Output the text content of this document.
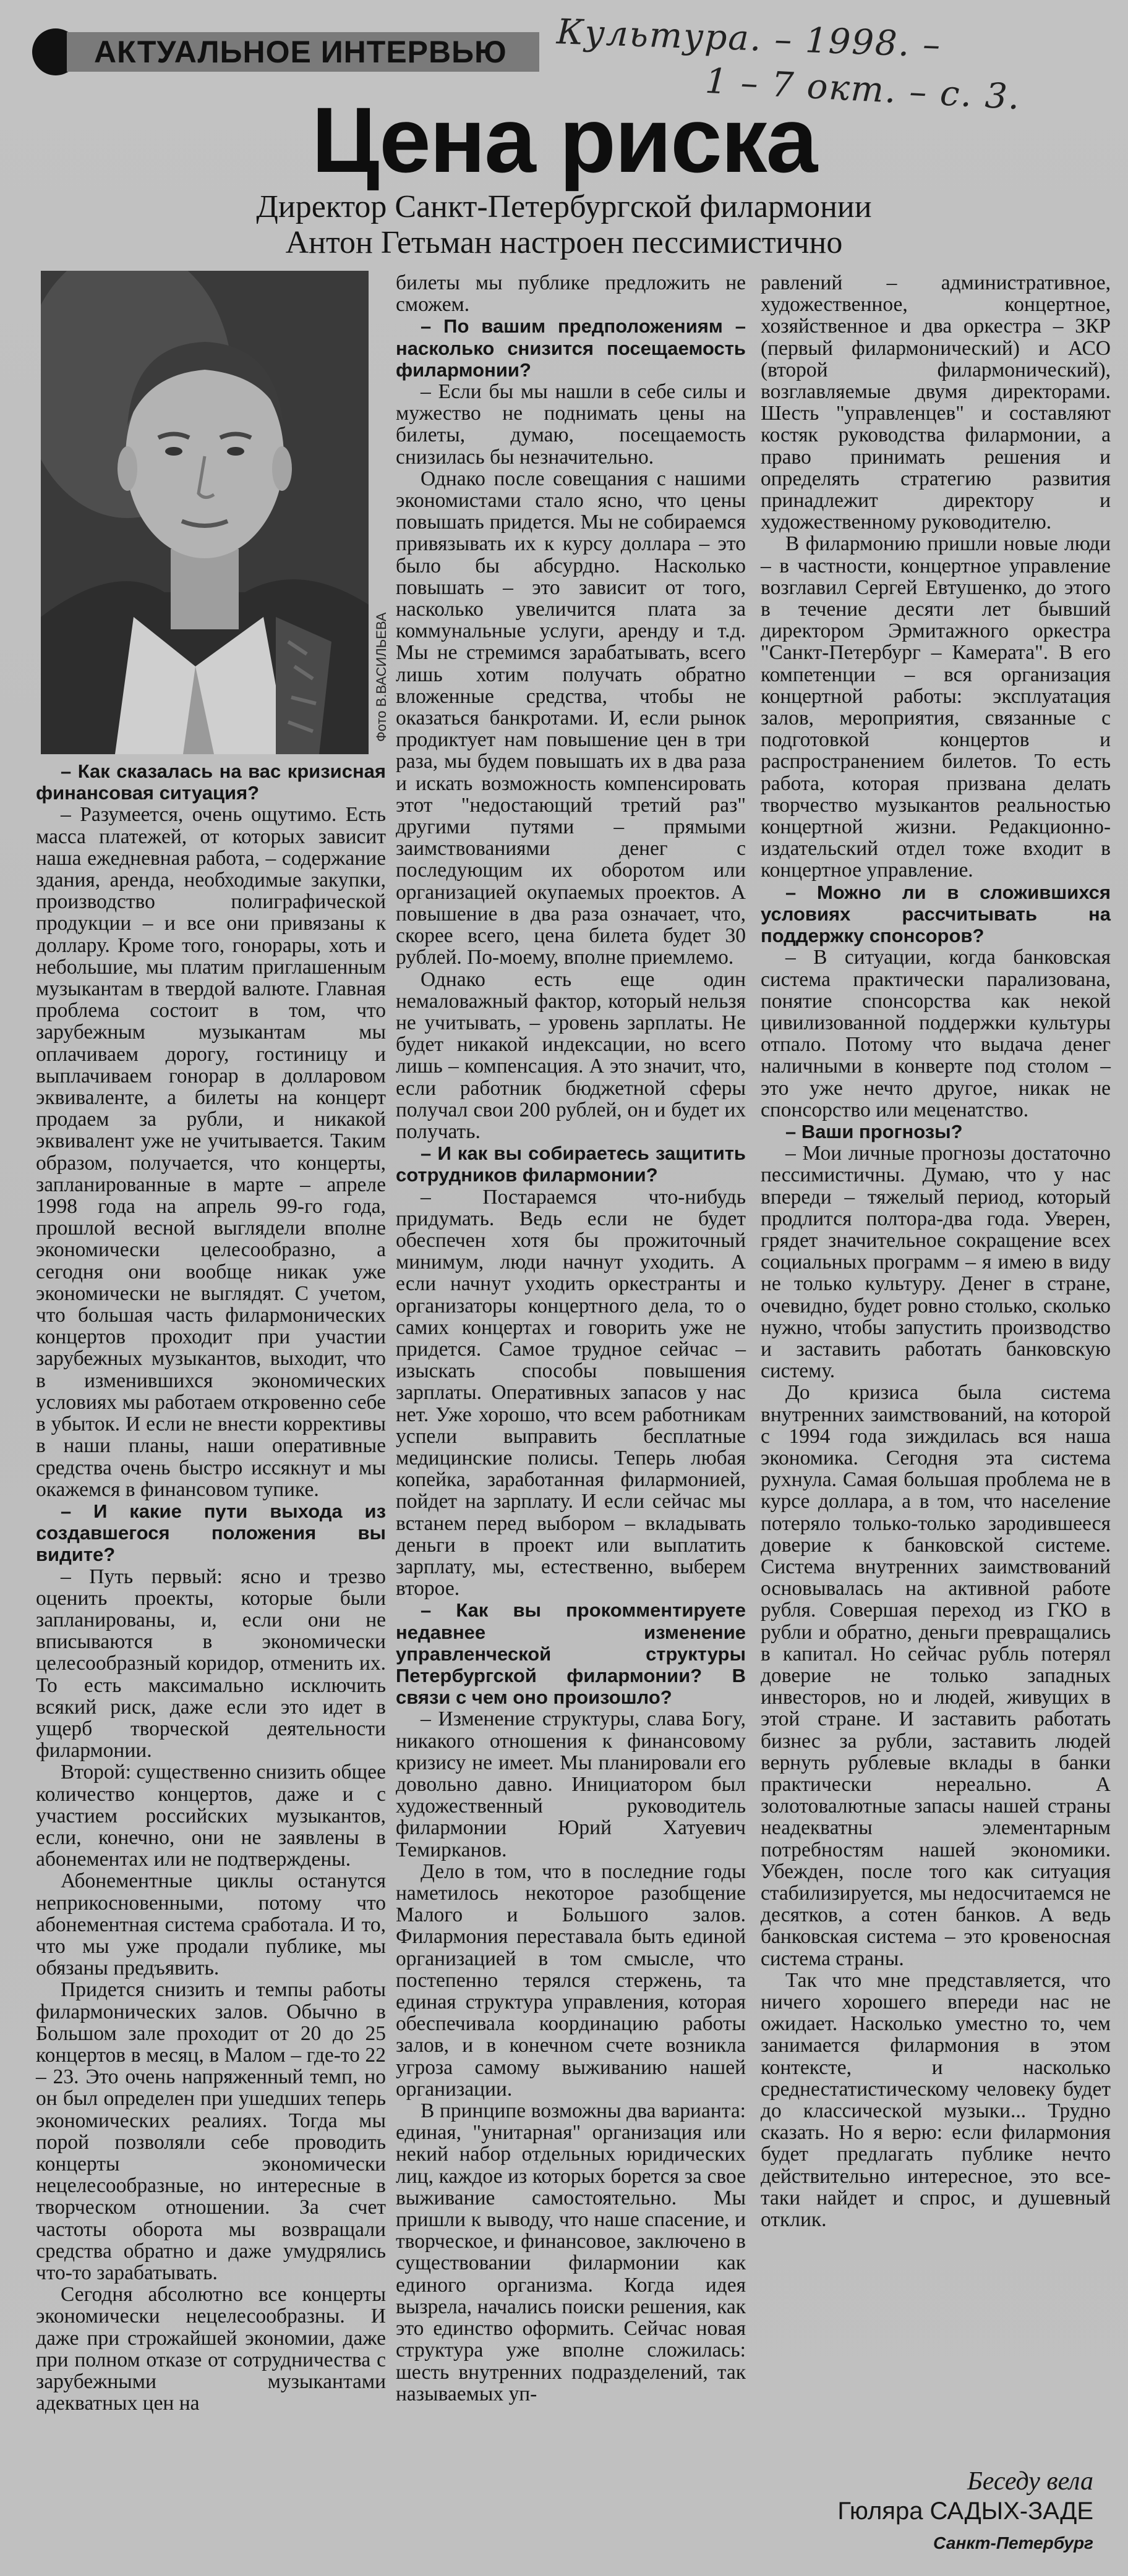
АКТУАЛЬНОЕ ИНТЕРВЬЮ Культура. – 1998. –
1 – 7 окт. – с. 3.
Цена риска
Директор Санкт-Петербургской филармонии
Антон Гетьман настроен пессимистично
Фото В.ВАСИЛЬЕВА

– Как сказалась на вас кризисная финансовая ситуация?

– Разумеется, очень ощутимо. Есть масса платежей, от которых зависит наша ежедневная работа, – содержание здания, аренда, необходимые закупки, производство полиграфической продукции – и все они привязаны к доллару. Кроме того, гонорары, хоть и небольшие, мы платим приглашенным музыкантам в твердой валюте. Главная проблема состоит в том, что зарубежным музыкантам мы оплачиваем дорогу, гостиницу и выплачиваем гонорар в долларовом эквиваленте, а билеты на концерт продаем за рубли, и никакой эквивалент уже не учитывается. Таким образом, получается, что концерты, запланированные в марте – апреле 1998 года на апрель 99-го года, прошлой весной выглядели вполне экономически целесообразно, а сегодня они вообще никак уже экономически не выглядят. С учетом, что большая часть филармонических концертов проходит при участии зарубежных музыкантов, выходит, что в изменившихся экономических условиях мы работаем откровенно себе в убыток. И если не внести коррективы в наши планы, наши оперативные средства очень быстро иссякнут и мы окажемся в финансовом тупике.

– И какие пути выхода из создавшегося положения вы видите?

– Путь первый: ясно и трезво оценить проекты, которые были запланированы, и, если они не вписываются в экономически целесообразный коридор, отменить их. То есть максимально исключить всякий риск, даже если это идет в ущерб творческой деятельности филармонии.

Второй: существенно снизить общее количество концертов, даже и с участием российских музыкантов, если, конечно, они не заявлены в абонементах или не подтверждены.

Абонементные циклы останутся неприкосновенными, потому что абонементная система сработала. И то, что мы уже продали публике, мы обязаны предъявить.

Придется снизить и темпы работы филармонических залов. Обычно в Большом зале проходит от 20 до 25 концертов в месяц, в Малом – где-то 22 – 23. Это очень напряженный темп, но он был определен при ушедших теперь экономических реалиях. Тогда мы порой позволяли себе проводить концерты экономически нецелесообразные, но интересные в творческом отношении. За счет частоты оборота мы возвращали средства обратно и даже умудрялись что-то зарабатывать.

Сегодня абсолютно все концерты экономически нецелесообразны. И даже при строжайшей экономии, даже при полном отказе от сотрудничества с зарубежными музыкантами адекватных цен на

билеты мы публике предложить не сможем.

– По вашим предположениям – насколько снизится посещаемость филармонии?

– Если бы мы нашли в себе силы и мужество не поднимать цены на билеты, думаю, посещаемость снизилась бы незначительно.

Однако после совещания с нашими экономистами стало ясно, что цены повышать придется. Мы не собираемся привязывать их к курсу доллара – это было бы абсурдно. Насколько повышать – это зависит от того, насколько увеличится плата за коммунальные услуги, аренду и т.д. Мы не стремимся зарабатывать, всего лишь хотим получать обратно вложенные средства, чтобы не оказаться банкротами. И, если рынок продиктует нам повышение цен в три раза, мы будем повышать их в два раза и искать возможность компенсировать этот "недостающий третий раз" другими путями – прямыми заимствованиями денег с последующим их оборотом или организацией окупаемых проектов. А повышение в два раза означает, что, скорее всего, цена билета будет 30 рублей. По-моему, вполне приемлемо.

Однако есть еще один немаловажный фактор, который нельзя не учитывать, – уровень зарплаты. Не будет никакой индексации, но всего лишь – компенсация. А это значит, что, если работник бюджетной сферы получал свои 200 рублей, он и будет их получать.

– И как вы собираетесь защитить сотрудников филармонии?

– Постараемся что-нибудь придумать. Ведь если не будет обеспечен хотя бы прожиточный минимум, люди начнут уходить. А если начнут уходить оркестранты и организаторы концертного дела, то о самих концертах и говорить уже не придется. Самое трудное сейчас – изыскать способы повышения зарплаты. Оперативных запасов у нас нет. Уже хорошо, что всем работникам успели выправить бесплатные медицинские полисы. Теперь любая копейка, заработанная филармонией, пойдет на зарплату. И если сейчас мы встанем перед выбором – вкладывать деньги в проект или выплатить зарплату, мы, естественно, выберем второе.

– Как вы прокомментируете недавнее изменение управленческой структуры Петербургской филармонии? В связи с чем оно произошло?

– Изменение структуры, слава Богу, никакого отношения к финансовому кризису не имеет. Мы планировали его довольно давно. Инициатором был художественный руководитель филармонии Юрий Хатуевич Темирканов.

Дело в том, что в последние годы наметилось некоторое разобщение Малого и Большого залов. Филармония переставала быть единой организацией в том смысле, что постепенно терялся стержень, та единая структура управления, которая обеспечивала координацию работы залов, и в конечном счете возникла угроза самому выживанию нашей организации.

В принципе возможны два варианта: единая, "унитарная" организация или некий набор отдельных юридических лиц, каждое из которых борется за свое выживание самостоятельно. Мы пришли к выводу, что наше спасение, и творческое, и финансовое, заключено в существовании филармонии как единого организма. Когда идея вызрела, начались поиски решения, как это единство оформить. Сейчас новая структура уже вполне сложилась: шесть внутренних подразделений, так называемых уп-

равлений – административное, художественное, концертное, хозяйственное и два оркестра – ЗКР (первый филармонический) и АСО (второй филармонический), возглавляемые двумя директорами. Шесть "управленцев" и составляют костяк руководства филармонии, а право принимать решения и определять стратегию развития принадлежит директору и художественному руководителю.

В филармонию пришли новые люди – в частности, концертное управление возглавил Сергей Евтушенко, до этого в течение десяти лет бывший директором Эрмитажного оркестра "Санкт-Петербург – Камерата". В его компетенции – вся организация концертной работы: эксплуатация залов, мероприятия, связанные с подготовкой концертов и распространением билетов. То есть работа, которая призвана делать творчество музыкантов реальностью концертной жизни. Редакционно-издательский отдел тоже входит в концертное управление.

– Можно ли в сложившихся условиях рассчитывать на поддержку спонсоров?

– В ситуации, когда банковская система практически парализована, понятие спонсорства как некой цивилизованной поддержки культуры отпало. Потому что выдача денег наличными в конверте под столом – это уже нечто другое, никак не спонсорство или меценатство.

– Ваши прогнозы?

– Мои личные прогнозы достаточно пессимистичны. Думаю, что у нас впереди – тяжелый период, который продлится полтора-два года. Уверен, грядет значительное сокращение всех социальных программ – я имею в виду не только культуру. Денег в стране, очевидно, будет ровно столько, сколько нужно, чтобы запустить производство и заставить работать банковскую систему.

До кризиса была система внутренних заимствований, на которой с 1994 года зиждилась вся наша экономика. Сегодня эта система рухнула. Самая большая проблема не в курсе доллара, а в том, что население потеряло только-только зародившееся доверие к банковской системе. Система внутренних заимствований основывалась на активной работе рубля. Совершая переход из ГКО в рубли и обратно, деньги превращались в капитал. Но сейчас рубль потерял доверие не только западных инвесторов, но и людей, живущих в этой стране. И заставить работать бизнес за рубли, заставить людей вернуть рублевые вклады в банки практически нереально. А золотовалютные запасы нашей страны неадекватны элементарным потребностям нашей экономики. Убежден, после того как ситуация стабилизируется, мы недосчитаемся не десятков, а сотен банков. А ведь банковская система – это кровеносная система страны.

Так что мне представляется, что ничего хорошего впереди нас не ожидает. Насколько уместно то, чем занимается филармония в этом контексте, и насколько среднестатистическому человеку будет до классической музыки... Трудно сказать. Но я верю: если филармония будет предлагать публике нечто действительно интересное, это все-таки найдет и спрос, и душевный отклик.

Беседу вела
Гюляра САДЫХ-ЗАДЕ
Санкт-Петербург
